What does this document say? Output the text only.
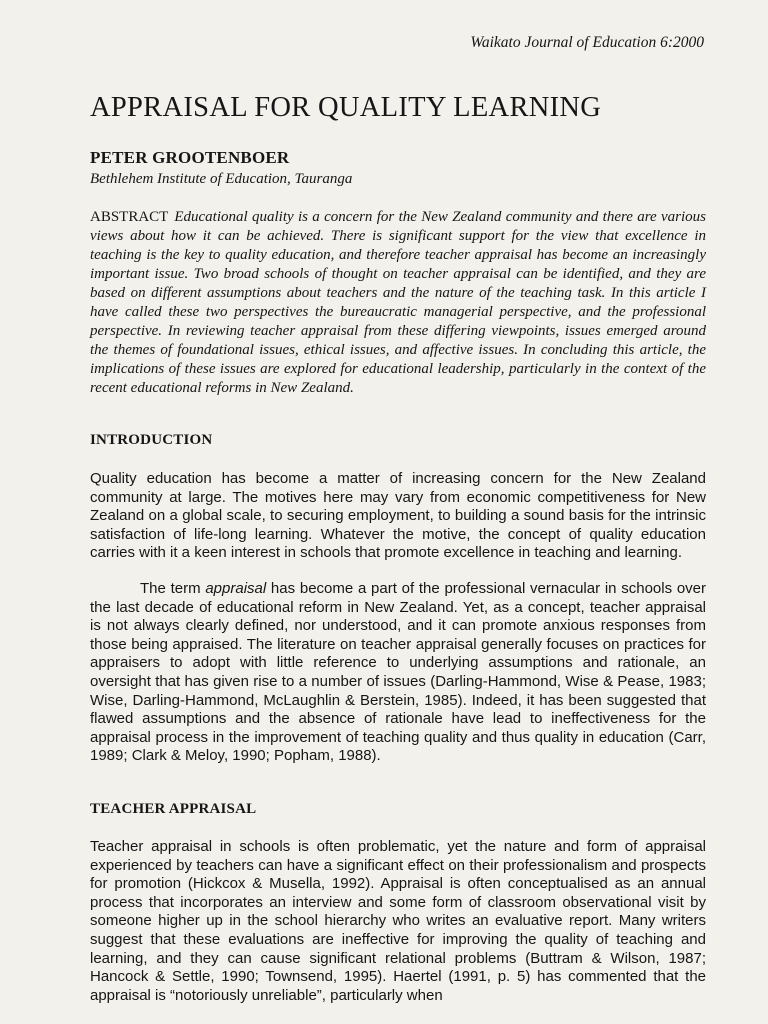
Waikato Journal of Education 6:2000
APPRAISAL FOR QUALITY LEARNING
PETER GROOTENBOER
Bethlehem Institute of Education, Tauranga

ABSTRACT Educational quality is a concern for the New Zealand community and there are various views about how it can be achieved. There is significant support for the view that excellence in teaching is the key to quality education, and therefore teacher appraisal has become an increasingly important issue. Two broad schools of thought on teacher appraisal can be identified, and they are based on different assumptions about teachers and the nature of the teaching task. In this article I have called these two perspectives the bureaucratic managerial perspective, and the professional perspective. In reviewing teacher appraisal from these differing viewpoints, issues emerged around the themes of foundational issues, ethical issues, and affective issues. In concluding this article, the implications of these issues are explored for educational leadership, particularly in the context of the recent educational reforms in New Zealand.

INTRODUCTION

Quality education has become a matter of increasing concern for the New Zealand community at large. The motives here may vary from economic competitiveness for New Zealand on a global scale, to securing employment, to building a sound basis for the intrinsic satisfaction of life-long learning. Whatever the motive, the concept of quality education carries with it a keen interest in schools that promote excellence in teaching and learning.

The term appraisal has become a part of the professional vernacular in schools over the last decade of educational reform in New Zealand. Yet, as a concept, teacher appraisal is not always clearly defined, nor understood, and it can promote anxious responses from those being appraised. The literature on teacher appraisal generally focuses on practices for appraisers to adopt with little reference to underlying assumptions and rationale, an oversight that has given rise to a number of issues (Darling-Hammond, Wise & Pease, 1983; Wise, Darling-Hammond, McLaughlin & Berstein, 1985). Indeed, it has been suggested that flawed assumptions and the absence of rationale have lead to ineffectiveness for the appraisal process in the improvement of teaching quality and thus quality in education (Carr, 1989; Clark & Meloy, 1990; Popham, 1988).

TEACHER APPRAISAL

Teacher appraisal in schools is often problematic, yet the nature and form of appraisal experienced by teachers can have a significant effect on their professionalism and prospects for promotion (Hickcox & Musella, 1992). Appraisal is often conceptualised as an annual process that incorporates an interview and some form of classroom observational visit by someone higher up in the school hierarchy who writes an evaluative report. Many writers suggest that these evaluations are ineffective for improving the quality of teaching and learning, and they can cause significant relational problems (Buttram & Wilson, 1987; Hancock & Settle, 1990; Townsend, 1995). Haertel (1991, p. 5) has commented that the appraisal is “notoriously unreliable”, particularly when
